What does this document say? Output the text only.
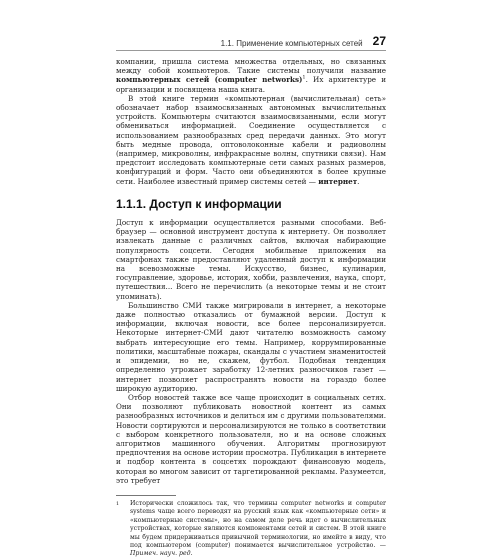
1.1. Применение компьютерных сетей 27

компании, пришла система множества отдельных, но связанных между собой компьютеров. Такие системы получили название компьютерных сетей (computer networks)$^1$. Их архитектуре и организации и посвящена наша книга.

В этой книге термин «компьютерная (вычислительная) сеть» обозначает набор взаимосвязанных автономных вычислительных устройств. Компьютеры считаются взаимосвязанными, если могут обмениваться информацией. Соединение осуществляется с использованием разнообразных сред передачи данных. Это могут быть медные провода, оптоволоконные кабели и радиоволны (например, микроволны, инфракрасные волны, спутники связи). Нам предстоит исследовать компьютерные сети самых разных размеров, конфигураций и форм. Часто они объединяются в более крупные сети. Наиболее известный пример системы сетей — интернет.

1.1.1. Доступ к информации

Доступ к информации осуществляется разными способами. Веб-браузер — основной инструмент доступа к интернету. Он позволяет извлекать данные с различных сайтов, включая набирающие популярность соцсети. Сегодня мобильные приложения на смартфонах также предоставляют удаленный доступ к информации на всевозможные темы. Искусство, бизнес, кулинария, госуправление, здоровье, история, хобби, развлечения, наука, спорт, путешествия... Всего не перечислить (а некоторые темы и не стоит упоминать).

Большинство СМИ также мигрировали в интернет, а некоторые даже полностью отказались от бумажной версии. Доступ к информации, включая новости, все более персонализируется. Некоторые интернет-СМИ дают читателю возможность самому выбрать интересующие его темы. Например, коррумпированные политики, масштабные пожары, скандалы с участием знаменитостей и эпидемии, но не, скажем, футбол. Подобная тенденция определенно угрожает заработку 12-летних разносчиков газет — интернет позволяет распространять новости на гораздо более широкую аудиторию.

Отбор новостей также все чаще происходит в социальных сетях. Они позволяют публиковать новостной контент из самых разнообразных источников и делиться им с другими пользователями. Новости сортируются и персонализируются не только в соответствии с выбором конкретного пользователя, но и на основе сложных алгоритмов машинного обучения. Алгоритмы прогнозируют предпочтения на основе истории просмотра. Публикация в интернете и подбор контента в соцсетях порождают финансовую модель, которая во многом зависит от таргетированной рекламы. Разумеется, это требует

1 Исторически сложилось так, что термины computer networks и computer systems чаще всего переводят на русский язык как «компьютерные сети» и «компьютерные системы», но на самом деле речь идет о вычислительных устройствах, которые являются компонентами сетей и систем. В этой книге мы будем придерживаться привычной терминологии, но имейте в виду, что под компьютером (computer) понимается вычислительное устройство. — Примеч. науч. ред.
